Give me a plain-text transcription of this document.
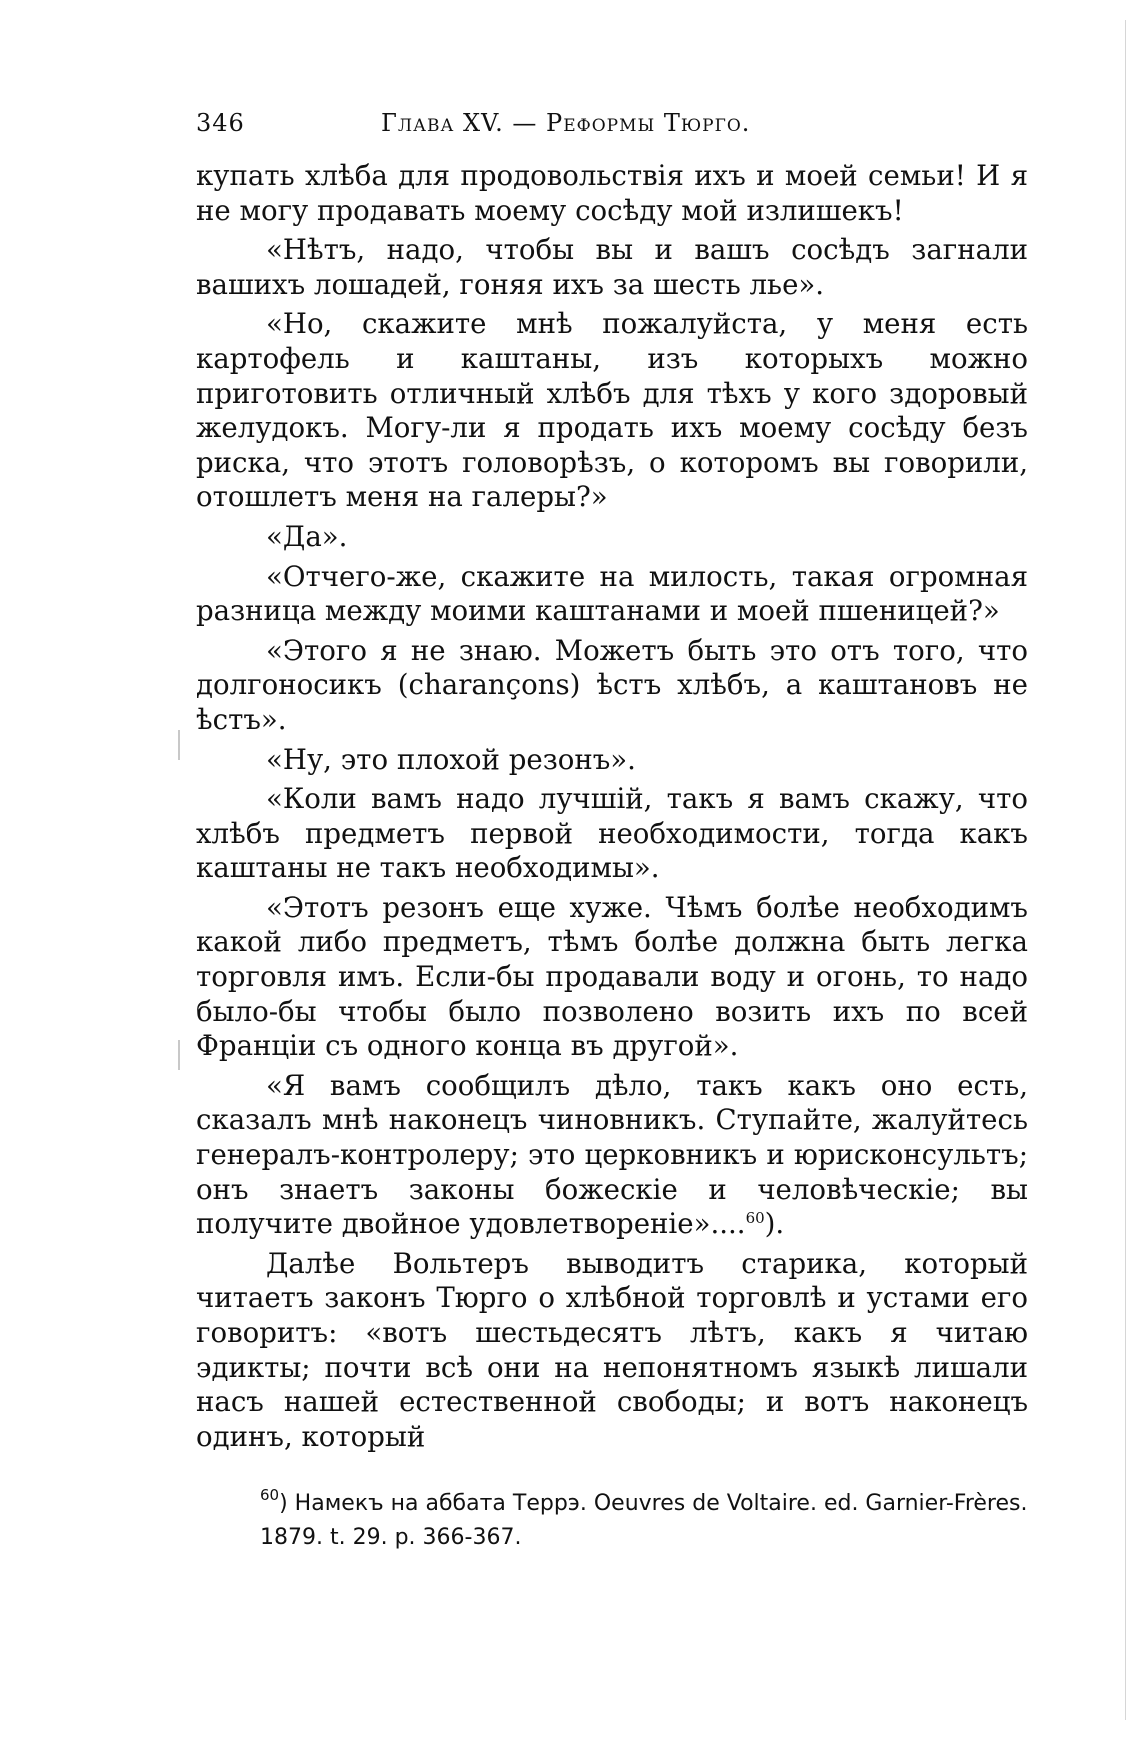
346	Глава XV. — Реформы Тюрго.

купать хлѣба для продовольствія ихъ и моей семьи! И я не могу продавать моему сосѣду мой излишекъ!

«Нѣтъ, надо, чтобы вы и вашъ сосѣдъ загнали вашихъ лошадей, гоняя ихъ за шесть лье».

«Но, скажите мнѣ пожалуйста, у меня есть картофель и каштаны, изъ которыхъ можно приготовить отличный хлѣбъ для тѣхъ у кого здоровый желудокъ. Могу-ли я продать ихъ моему сосѣду безъ риска, что этотъ головорѣзъ, о которомъ вы говорили, отошлетъ меня на галеры?»

«Да».

«Отчего-же, скажите на милость, такая огромная разница между моими каштанами и моей пшеницей?»

«Этого я не знаю. Можетъ быть это отъ того, что долгоносикъ (charançons) ѣстъ хлѣбъ, а каштановъ не ѣстъ».

«Ну, это плохой резонъ».

«Коли вамъ надо лучшій, такъ я вамъ скажу, что хлѣбъ предметъ первой необходимости, тогда какъ каштаны не такъ необходимы».

«Этотъ резонъ еще хуже. Чѣмъ болѣе необходимъ какой либо предметъ, тѣмъ болѣе должна быть легка торговля имъ. Если-бы продавали воду и огонь, то надо было-бы чтобы было позволено возить ихъ по всей Франціи съ одного конца въ другой».

«Я вамъ сообщилъ дѣло, такъ какъ оно есть, сказалъ мнѣ наконецъ чиновникъ. Ступайте, жалуйтесь генералъ-контролеру; это церковникъ и юрисконсультъ; онъ знаетъ законы божескіе и человѣческіе; вы получите двойное удовлетвореніе»....$^{60}$).

Далѣе Вольтеръ выводитъ старика, который читаетъ законъ Тюрго о хлѣбной торговлѣ и устами его говоритъ: «вотъ шестьдесятъ лѣтъ, какъ я читаю эдикты; почти всѣ они на непонятномъ языкѣ лишали насъ нашей естественной свободы; и вотъ наконецъ одинъ, который

$^{60}$) Намекъ на аббата Террэ. Oeuvres de Voltaire. ed. Garnier-Frères. 1879. t. 29. p. 366-367.
